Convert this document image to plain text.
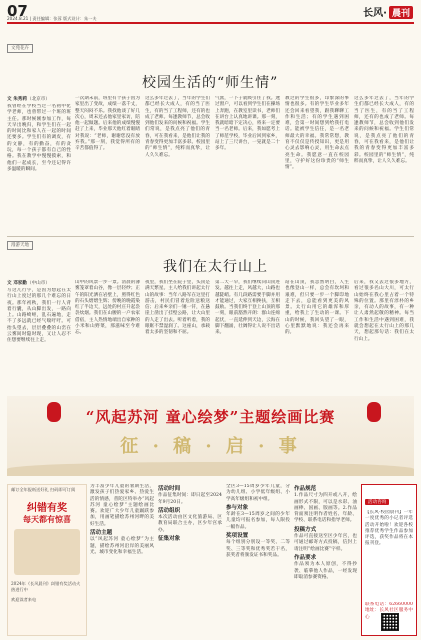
07
2024.8.21 | 责任编辑：张蓉 版式设计：朱一夫	长风· 晨刊
文苑花卉
校园生活的“师生情”
文 朱秀莉（北京市）
我曾经在学校当过一名初中化学老师，也曾带过一个班的班主任。那时候刚参加工作，每天早出晚归，和学生们在一起的时间比和家人在一起的时间还要多。学生们有的调皮，有的文静，有的勤奋，有的贪玩，每一个孩子都有自己的性格。我在教学中慢慢摸索，和他们一起成长，至今还记得许多温暖的瞬间。
一次期末前，班里有个孩子因为家里出了变故，成绩一落千丈，整天闷闷不乐。我找他谈了好几次心，周末还去他家里家访，陪他一起做题。后来他的成绩慢慢赶了上来，毕业那天他红着眼睛对我说：“老师，谢谢您没有放弃我。”那一刻，我觉得所有的辛苦都值得了。
这么多年过去了，当年的学生们都已经长大成人，有的当了医生，有的当了工程师，还有的也成了老师。每逢教师节，总会收到他们发来的问候和祝福。学生们常说，是我点亮了他们的青春，可在我看来，是他们让我的青春变得更加丰富多彩。校园里的“师生情”，纯粹而真挚，让人久久难忘。
气派，一下子就吸引住了我。透过窗户，可以看到学生们在操场上奔跑，在教室里读书，老师们在讲台上认真地讲课。那一刻，我就暗暗下定决心，将来一定要当一名老师。后来，我如愿考上了师范学校，毕业后回到家乡，站上了三尺讲台，一晃就是二十多年。
教过的学生很多，印象深的事情也很多。有的学生毕业多年还会回来看望我，跟我聊聊工作和生活；有的学生遇到困难，会第一时间想到给我打电话。能被学生信任，是一名老师最大的幸福。我常常想，教育不仅仅是传授知识，更是用心灵去影响心灵，用生命去点亮生命。我愿意一直在校园里，守护好这份珍贵的“师生情”。
这么多年过去了，当年的学生们都已经长大成人，有的当了医生，有的当了工程师，还有的也成了老师。每逢教师节，总会收到他们发来的问候和祝福。学生们常说，是我点亮了他们的青春，可在我看来，是他们让我的青春变得更加丰富多彩。校园里的“师生情”，纯粹而真挚，让人久久难忘。
漫游天地
我们在太行山上
文 邓家勤（中山市）
写这几行字，是因为想起在太行山上度过的那几个难忘的日夜。那年初秋，我们一行人背着行囊，从山脚出发，一路向上。山路崎岖，乱石遍地，走不了多远就已经气喘吁吁。可抬头望去，层层叠叠的山峦在云雾间时隐时现，又让人忍不住想要继续往上走。
山中的风景一步一景。清晨的薄雾笼罩着山谷，像一层轻纱；正午的阳光洒在岩壁上，照得红色的石头熠熠生辉；傍晚的晚霞染红了半边天，远处的村庄升起袅袅炊烟。我们在山腰的一户农家借宿，主人热情地端出自家种的小米和山野菜，那滋味至今难忘。
夜里，我们坐在院子里，头顶是满天繁星。主人给我们讲起太行山的故事：当年八路军在这里打游击，村民们冒着危险送粮送信；后来乡亲们一锤一钎，在悬崖上凿出了挂壁公路，让大山里的人走了出去。听着听着，我的眼眶不禁湿润了。这座山，承载着太多的坚韧和不屈。
第二天一早，我们继续向山顶进发。越往上走，风越大，山路也越陡峭。有几段路需要手脚并用才能通过，大家互相搀扶，互相鼓励。当我们终于登上山顶的那一刻，眼前豁然开朗：群山连绵起伏，一直延伸到天边，云海在脚下翻涌，壮阔得让人说不出话来。
站在山顶，我忽然明白，人生也像登山一样，总会有坎坷和艰难，但只要一步一个脚印地走下去，总能看到更美的风景。太行山用它的雄浑和厚重，给我上了生动的一课。下山的时候，我回头望了一眼，心里默默地说：我还会再来的。
后来，我又去过很多地方，看过很多名山大川，可太行山始终在我心里占着一个特殊的位置。那里有淳朴的乡亲，有动人的故事，有一种让人肃然起敬的精神。每当工作和生活中遇到困难，我就会想起在太行山上的那几天，想起那句话：我们在太行山上。
“风起苏河 童心绘梦”主题绘画比赛
征 · 稿 · 启 · 事
邮订全年报纸送好礼 扫码即可订阅
纠错有奖
每天都有惊喜
2024年《长风晨刊》纠错有奖活动火热进行中
欢迎读者来电
为丰富少年儿童的暑期生活，激发孩子们热爱家乡、热爱生活的情感，普陀区特举办“风起苏河 童心绘梦”主题绘画比赛。欢迎广大少年儿童踊跃参加，用画笔描绘苏州河畔的美好生活。
活动主题
以“风起苏河 童心绘梦”为主题，描绘苏州河沿岸的美丽风光、城市变化和幸福生活。
活动时间
作品征集时间：即日起至2024年9月20日。
活动组织
本次活动由区文化旅游局、区教育局联合主办，区少年宫承办。
征集对象
全区3—15周岁少年儿童，分为幼儿组、小学低年级组、小学高年级组和初中组。
参与对象
年龄在3—15周岁之间的少年儿童均可报名参加，每人限投一幅作品。
奖项设置
每个组别分别设一等奖、二等奖、三等奖和优秀奖若干名，获奖者将颁发证书和奖品。
作品规范
1.作品尺寸为四开或八开，绘画形式不限，可以是水彩、油画棒、国画、版画等。2.作品背面须注明作者姓名、年龄、学校、联系电话和指导老师。
投稿方式
作品可直接送至区少年宫，也可通过邮寄方式投稿，信封上请注明“绘画比赛”字样。
作品要求
作品须为本人原创，不得抄袭、临摹他人作品，一经发现即取消参赛资格。
活动咨询
【长风·校园晨刊】一年一度优秀的小记者评选活动开始啦！欢迎各校推荐优秀学生作品参加评选，获奖作品将在本报刊登。
联系电话：62660000 地址：长风社区服务中心
